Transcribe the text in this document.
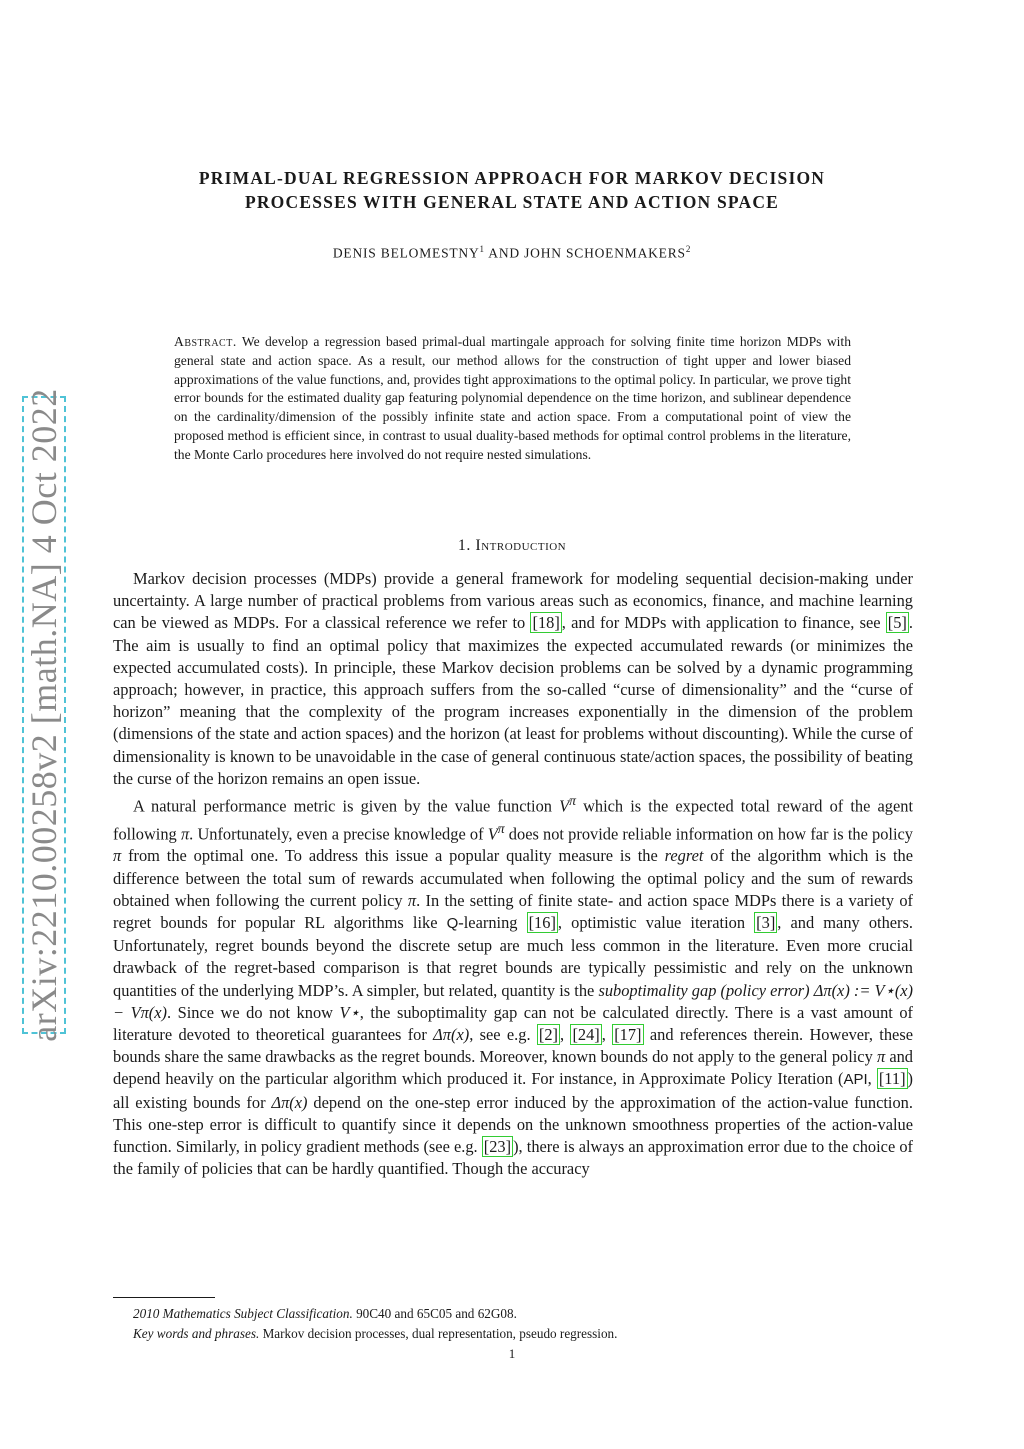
arXiv:2210.00258v2 [math.NA] 4 Oct 2022
PRIMAL-DUAL REGRESSION APPROACH FOR MARKOV DECISION
PROCESSES WITH GENERAL STATE AND ACTION SPACE
DENIS BELOMESTNY$^1$ AND JOHN SCHOENMAKERS$^2$
Abstract. We develop a regression based primal-dual martingale approach for solving finite time horizon MDPs with general state and action space. As a result, our method allows for the construction of tight upper and lower biased approximations of the value functions, and, provides tight approximations to the optimal policy. In particular, we prove tight error bounds for the estimated duality gap featuring polynomial dependence on the time horizon, and sublinear dependence on the cardinality/dimension of the possibly infinite state and action space. From a computational point of view the proposed method is efficient since, in contrast to usual duality-based methods for optimal control problems in the literature, the Monte Carlo procedures here involved do not require nested simulations.
1. Introduction

Markov decision processes (MDPs) provide a general framework for modeling sequential decision-making under uncertainty. A large number of practical problems from various areas such as economics, finance, and machine learning can be viewed as MDPs. For a classical reference we refer to [18] , and for MDPs with application to finance, see [5] . The aim is usually to find an optimal policy that maximizes the expected accumulated rewards (or minimizes the expected accumulated costs). In principle, these Markov decision problems can be solved by a dynamic programming approach; however, in practice, this approach suffers from the so-called “curse of dimensionality” and the “curse of horizon” meaning that the complexity of the program increases exponentially in the dimension of the problem (dimensions of the state and action spaces) and the horizon (at least for problems without discounting). While the curse of dimensionality is known to be unavoidable in the case of general continuous state/action spaces, the possibility of beating the curse of the horizon remains an open issue.

A natural performance metric is given by the value function $V^\pi$ which is the expected total reward of the agent following π. Unfortunately, even a precise knowledge of $V^\pi$ does not provide reliable information on how far is the policy π from the optimal one. To address this issue a popular quality measure is the regret of the algorithm which is the difference between the total sum of rewards accumulated when following the optimal policy and the sum of rewards obtained when following the current policy π. In the setting of finite state- and action space MDPs there is a variety of regret bounds for popular RL algorithms like Q-learning [16] , optimistic value iteration [3] , and many others. Unfortunately, regret bounds beyond the discrete setup are much less common in the literature. Even more crucial drawback of the regret-based comparison is that regret bounds are typically pessimistic and rely on the unknown quantities of the underlying MDP’s. A simpler, but related, quantity is the suboptimality gap (policy error) Δπ(x) := V⋆(x) − Vπ(x). Since we do not know V⋆, the suboptimality gap can not be calculated directly. There is a vast amount of literature devoted to theoretical guarantees for Δπ(x), see e.g. [2] , [24] , [17] and references therein. However, these bounds share the same drawbacks as the regret bounds. Moreover, known bounds do not apply to the general policy π and depend heavily on the particular algorithm which produced it. For instance, in Approximate Policy Iteration (API, [11] ) all existing bounds for Δπ(x) depend on the one-step error induced by the approximation of the action-value function. This one-step error is difficult to quantify since it depends on the unknown smoothness properties of the action-value function. Similarly, in policy gradient methods (see e.g. [23] ), there is always an approximation error due to the choice of the family of policies that can be hardly quantified. Though the accuracy

2010 Mathematics Subject Classification. 90C40 and 65C05 and 62G08.
Key words and phrases. Markov decision processes, dual representation, pseudo regression.
1
